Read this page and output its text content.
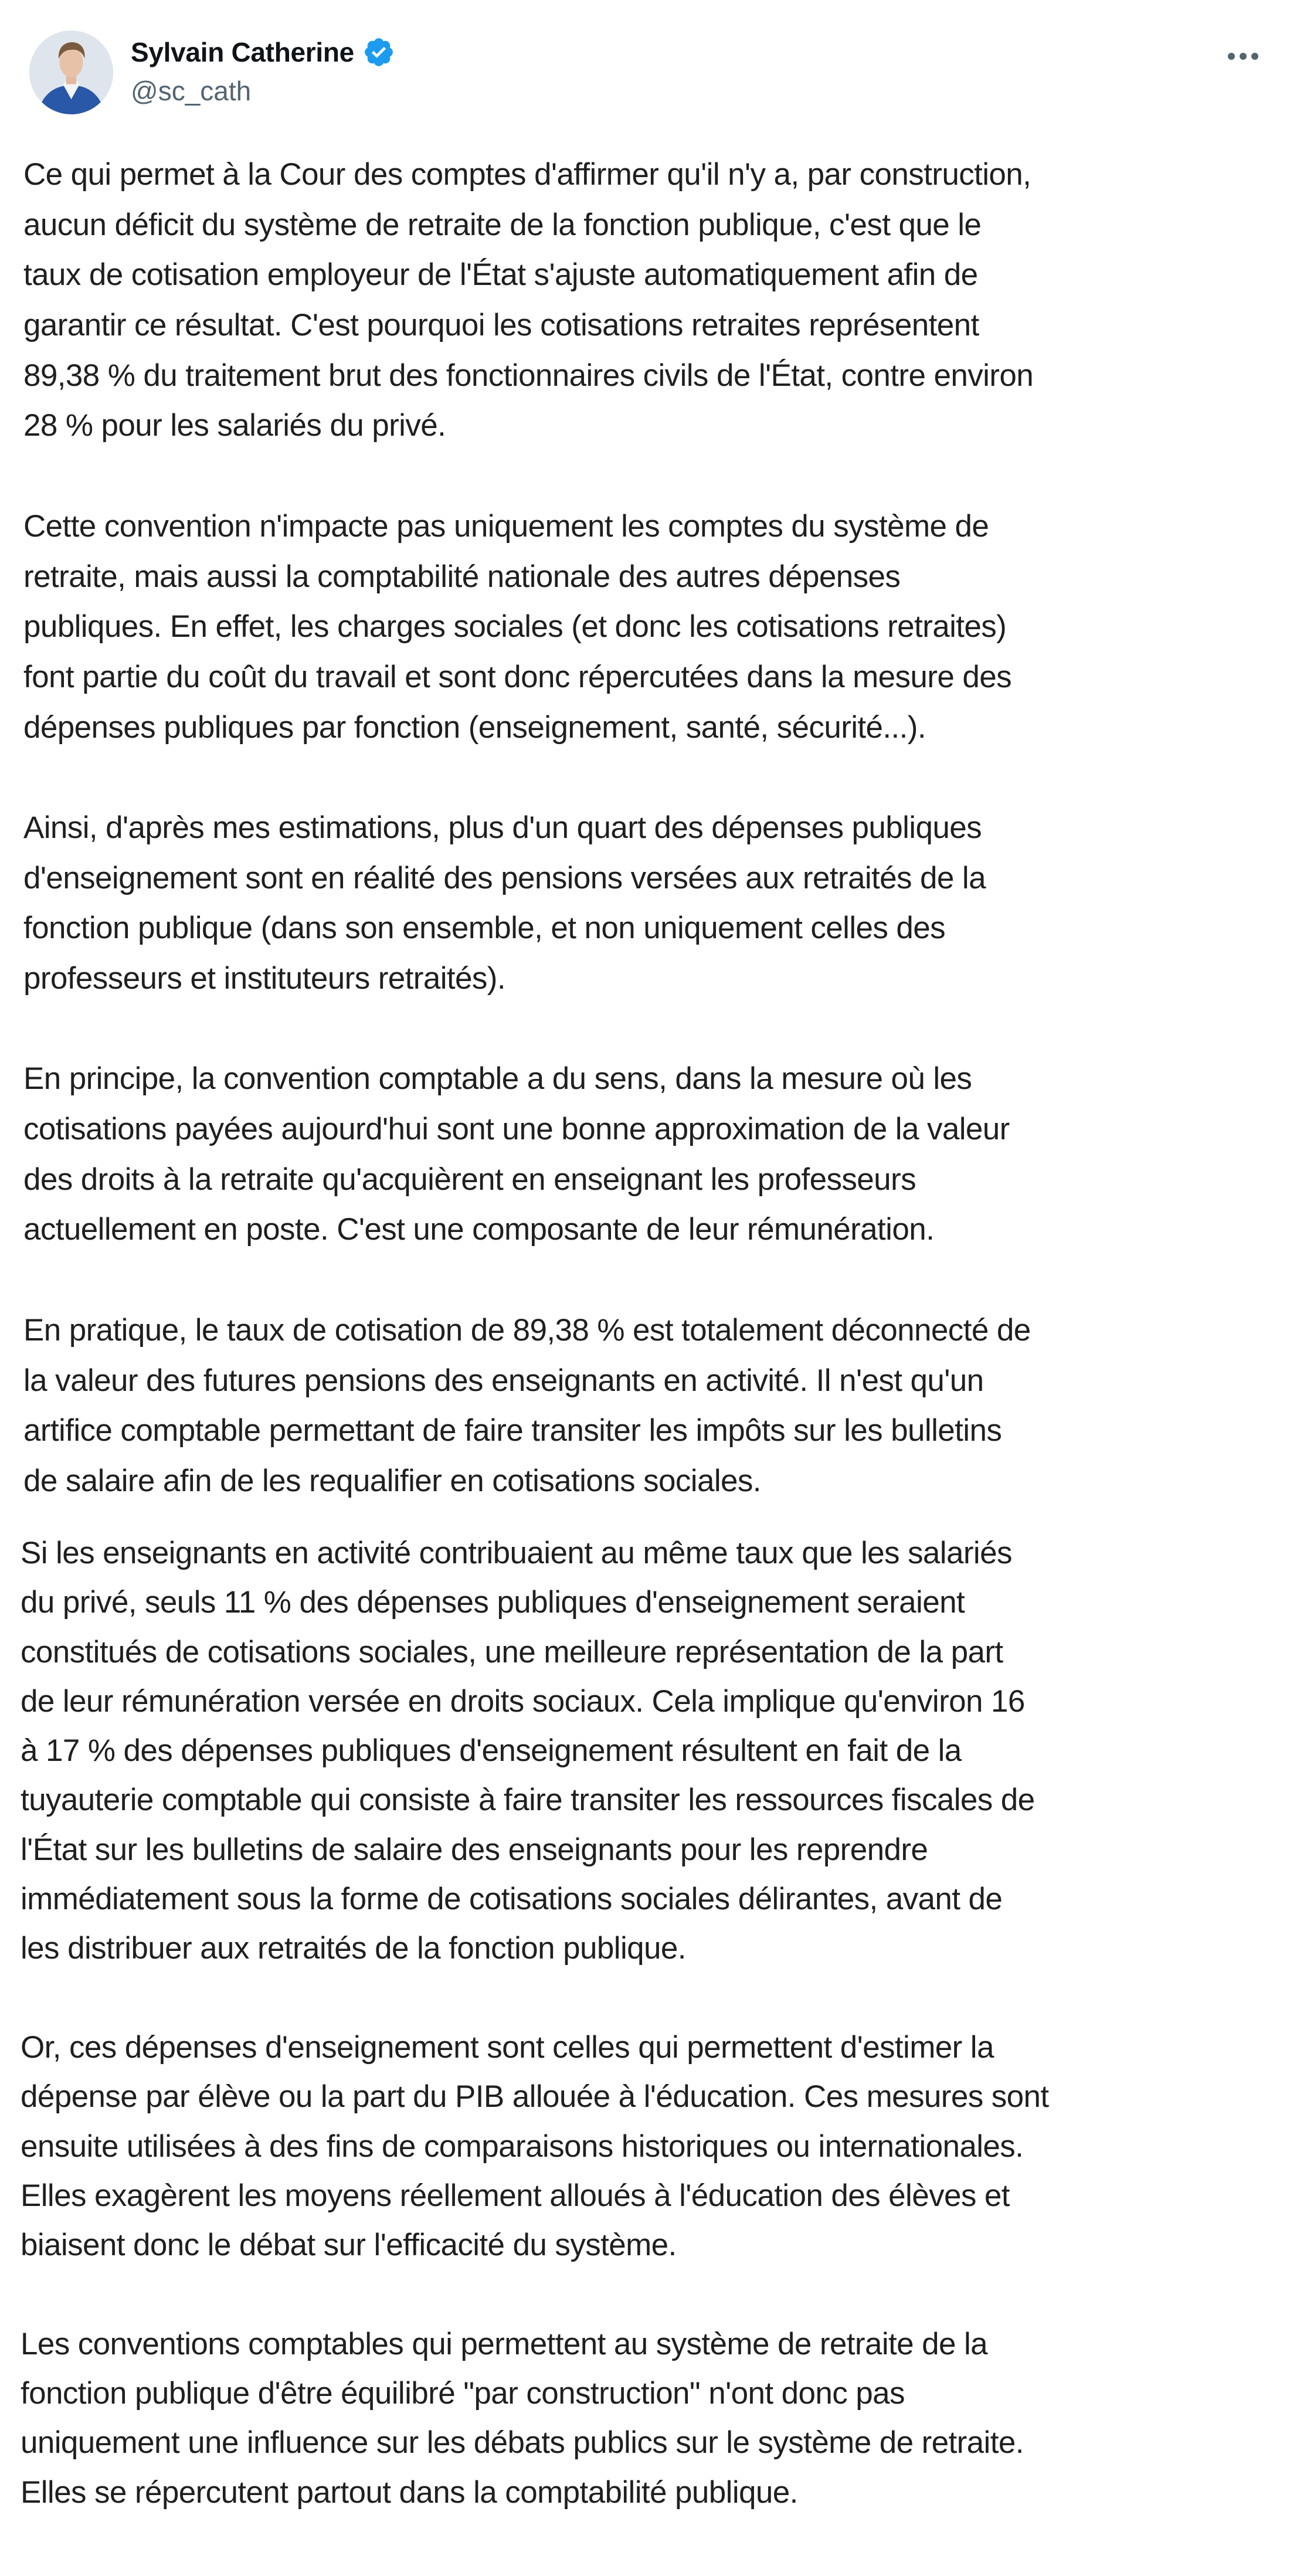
Sylvain Catherine
@sc_cath
Ce qui permet à la Cour des comptes d'affirmer qu'il n'y a, par construction,
aucun déficit du système de retraite de la fonction publique, c'est que le
taux de cotisation employeur de l'État s'ajuste automatiquement afin de
garantir ce résultat. C'est pourquoi les cotisations retraites représentent
89,38 % du traitement brut des fonctionnaires civils de l'État, contre environ
28 % pour les salariés du privé.
Cette convention n'impacte pas uniquement les comptes du système de
retraite, mais aussi la comptabilité nationale des autres dépenses
publiques. En effet, les charges sociales (et donc les cotisations retraites)
font partie du coût du travail et sont donc répercutées dans la mesure des
dépenses publiques par fonction (enseignement, santé, sécurité...).
Ainsi, d'après mes estimations, plus d'un quart des dépenses publiques
d'enseignement sont en réalité des pensions versées aux retraités de la
fonction publique (dans son ensemble, et non uniquement celles des
professeurs et instituteurs retraités).
En principe, la convention comptable a du sens, dans la mesure où les
cotisations payées aujourd'hui sont une bonne approximation de la valeur
des droits à la retraite qu'acquièrent en enseignant les professeurs
actuellement en poste. C'est une composante de leur rémunération.
En pratique, le taux de cotisation de 89,38 % est totalement déconnecté de
la valeur des futures pensions des enseignants en activité. Il n'est qu'un
artifice comptable permettant de faire transiter les impôts sur les bulletins
de salaire afin de les requalifier en cotisations sociales.
Si les enseignants en activité contribuaient au même taux que les salariés
du privé, seuls 11 % des dépenses publiques d'enseignement seraient
constitués de cotisations sociales, une meilleure représentation de la part
de leur rémunération versée en droits sociaux. Cela implique qu'environ 16
à 17 % des dépenses publiques d'enseignement résultent en fait de la
tuyauterie comptable qui consiste à faire transiter les ressources fiscales de
l'État sur les bulletins de salaire des enseignants pour les reprendre
immédiatement sous la forme de cotisations sociales délirantes, avant de
les distribuer aux retraités de la fonction publique.
Or, ces dépenses d'enseignement sont celles qui permettent d'estimer la
dépense par élève ou la part du PIB allouée à l'éducation. Ces mesures sont
ensuite utilisées à des fins de comparaisons historiques ou internationales.
Elles exagèrent les moyens réellement alloués à l'éducation des élèves et
biaisent donc le débat sur l'efficacité du système.
Les conventions comptables qui permettent au système de retraite de la
fonction publique d'être équilibré "par construction" n'ont donc pas
uniquement une influence sur les débats publics sur le système de retraite.
Elles se répercutent partout dans la comptabilité publique.
